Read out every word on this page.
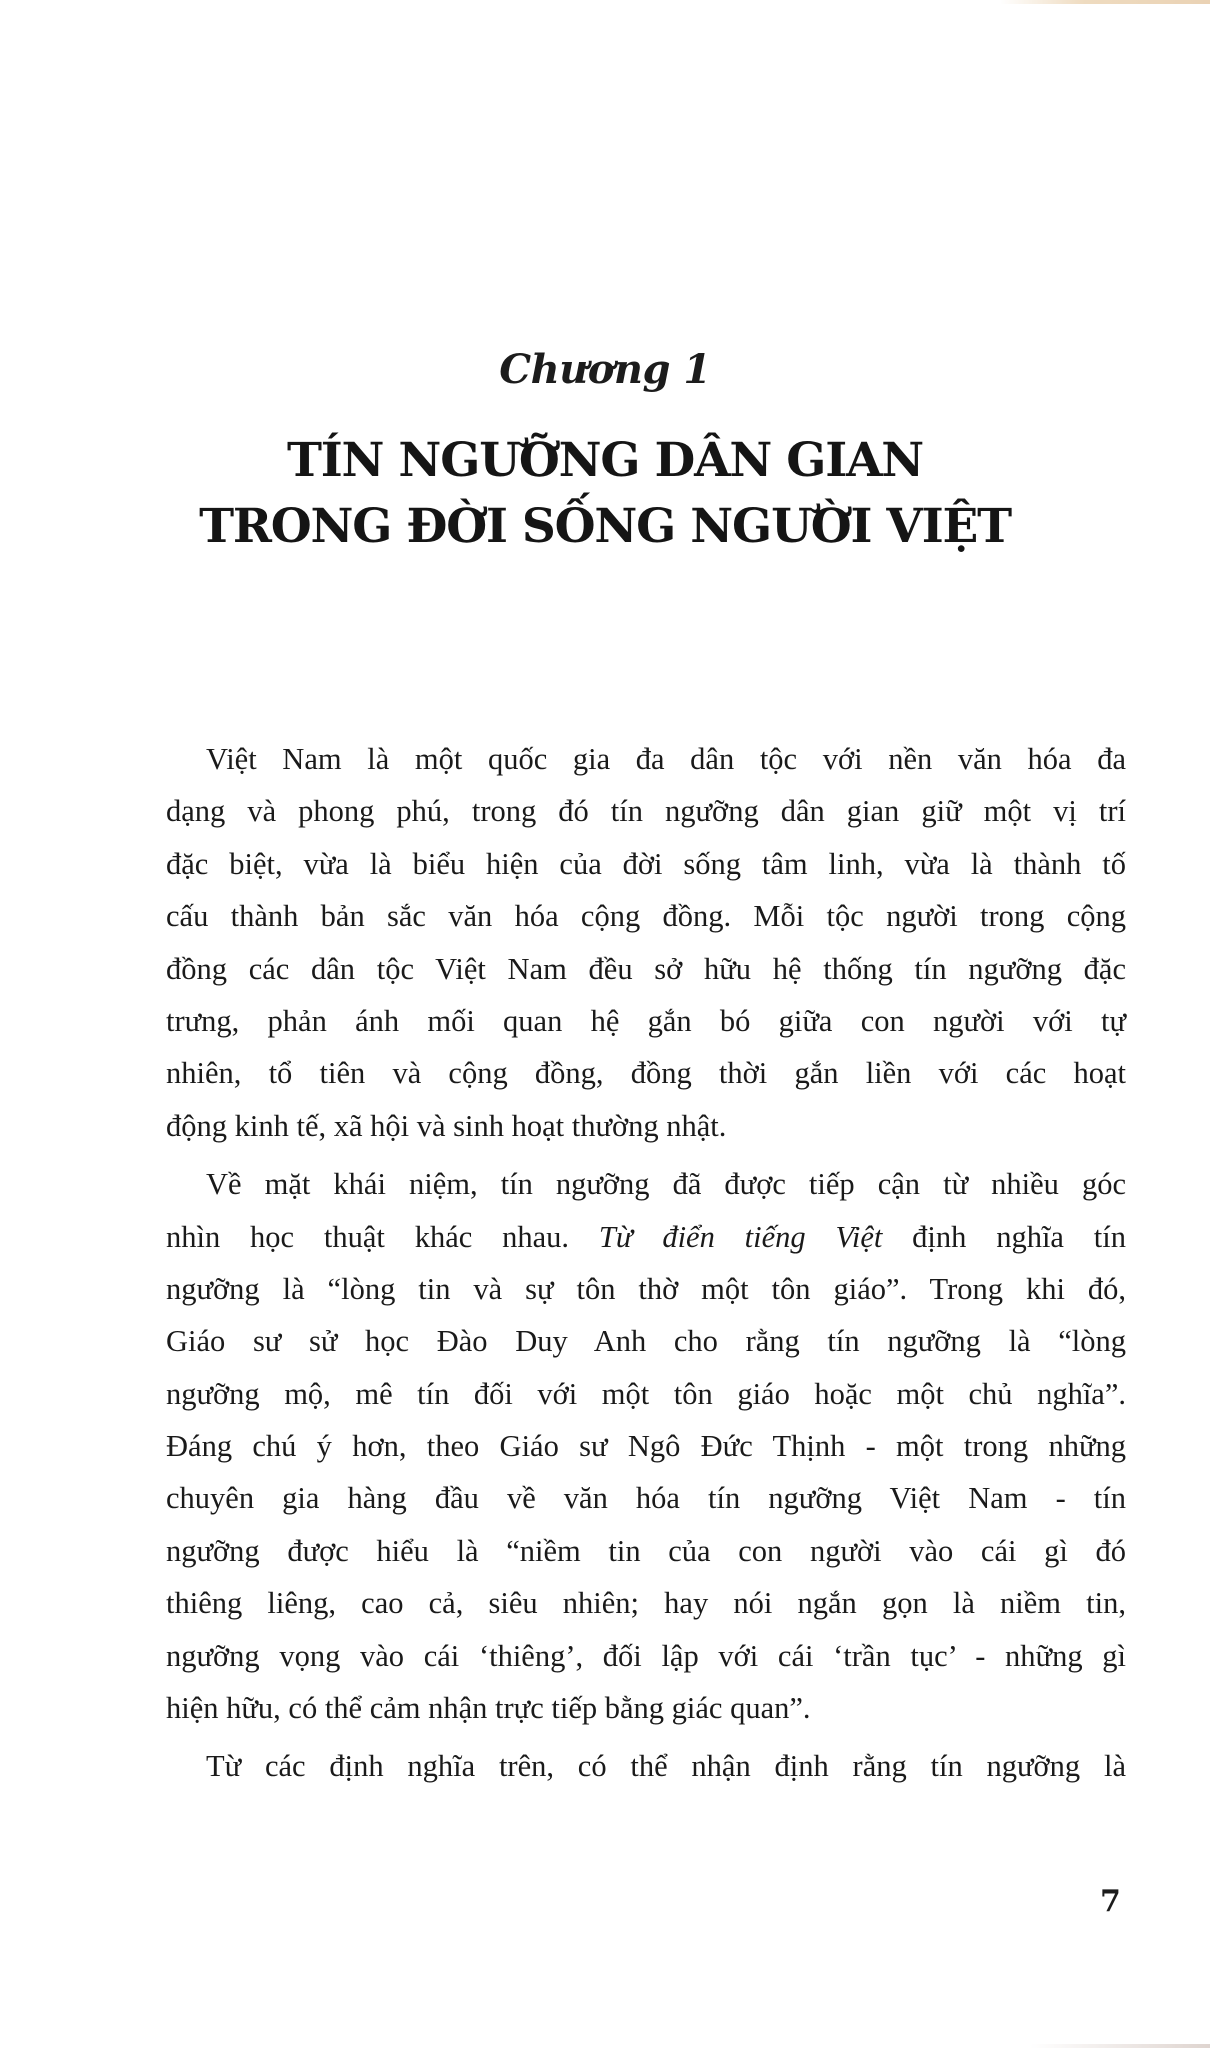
Chương 1
TÍN NGƯỠNG DÂN GIAN
TRONG ĐỜI SỐNG NGƯỜI VIỆT

Việt Nam là một quốc gia đa dân tộc với nền văn hóa đa
dạng và phong phú, trong đó tín ngưỡng dân gian giữ một vị trí
đặc biệt, vừa là biểu hiện của đời sống tâm linh, vừa là thành tố
cấu thành bản sắc văn hóa cộng đồng. Mỗi tộc người trong cộng
đồng các dân tộc Việt Nam đều sở hữu hệ thống tín ngưỡng đặc
trưng, phản ánh mối quan hệ gắn bó giữa con người với tự
nhiên, tổ tiên và cộng đồng, đồng thời gắn liền với các hoạt
động kinh tế, xã hội và sinh hoạt thường nhật.

Về mặt khái niệm, tín ngưỡng đã được tiếp cận từ nhiều góc
nhìn học thuật khác nhau. Từ điển tiếng Việt định nghĩa tín
ngưỡng là “lòng tin và sự tôn thờ một tôn giáo”. Trong khi đó,
Giáo sư sử học Đào Duy Anh cho rằng tín ngưỡng là “lòng
ngưỡng mộ, mê tín đối với một tôn giáo hoặc một chủ nghĩa”.
Đáng chú ý hơn, theo Giáo sư Ngô Đức Thịnh - một trong những
chuyên gia hàng đầu về văn hóa tín ngưỡng Việt Nam - tín
ngưỡng được hiểu là “niềm tin của con người vào cái gì đó
thiêng liêng, cao cả, siêu nhiên; hay nói ngắn gọn là niềm tin,
ngưỡng vọng vào cái ‘thiêng’, đối lập với cái ‘trần tục’ - những gì
hiện hữu, có thể cảm nhận trực tiếp bằng giác quan”.

Từ các định nghĩa trên, có thể nhận định rằng tín ngưỡng là

7
